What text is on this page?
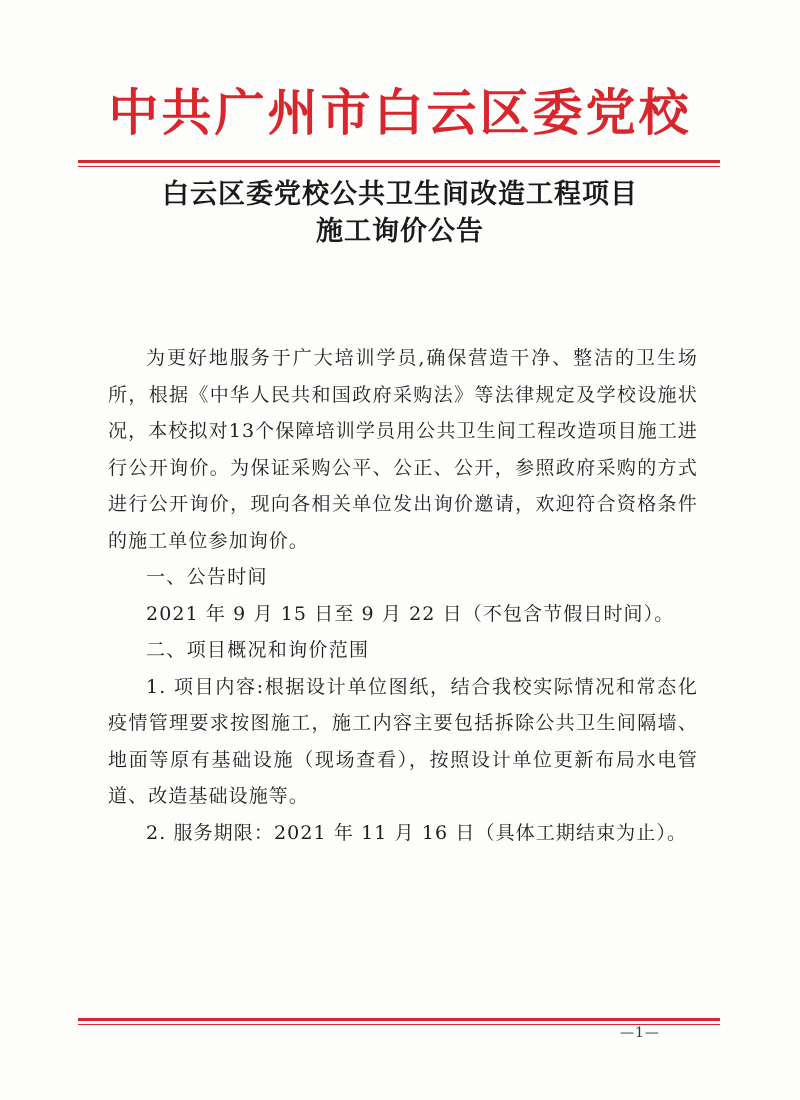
中共广州市白云区委党校
白云区委党校公共卫生间改造工程项目
施工询价公告

为更好地服务于广大培训学员,确保营造干净、整洁的卫生场所，根据《中华人民共和国政府采购法》等法律规定及学校设施状况，本校拟对13个保障培训学员用公共卫生间工程改造项目施工进行公开询价。为保证采购公平、公正、公开，参照政府采购的方式进行公开询价，现向各相关单位发出询价邀请，欢迎符合资格条件的施工单位参加询价。

一、公告时间

2021 年 9 月 15 日至 9 月 22 日（不包含节假日时间）。

二、项目概况和询价范围

1. 项目内容:根据设计单位图纸，结合我校实际情况和常态化疫情管理要求按图施工，施工内容主要包括拆除公共卫生间隔墙、地面等原有基础设施（现场查看），按照设计单位更新布局水电管道、改造基础设施等。

2. 服务期限：2021 年 11 月 16 日（具体工期结束为止）。

—1—
